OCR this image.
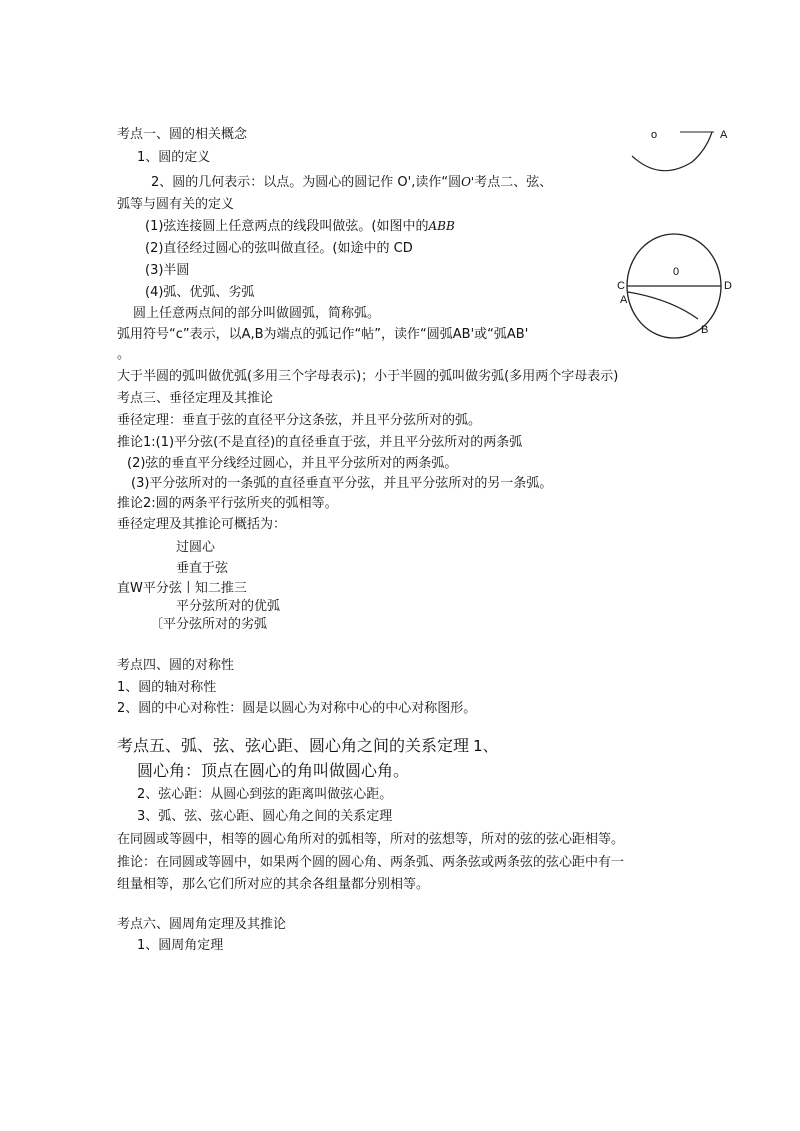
考点一、圆的相关概念
1、圆的定义
2、圆的几何表示：以点。为圆心的圆记作 O',读作“圆O'考点二、弦、
弧等与圆有关的定义
(1)弦连接圆上任意两点的线段叫做弦。(如图中的ABB
(2)直径经过圆心的弦叫做直径。(如途中的 CD
(3)半圆
(4)弧、优弧、劣弧
圆上任意两点间的部分叫做圆弧，简称弧。
弧用符号“c”表示，以A,B为端点的弧记作“帖”，读作“圆弧AB'或“弧AB'
。
大于半圆的弧叫做优弧(多用三个字母表示)；小于半圆的弧叫做劣弧(多用两个字母表示)
考点三、垂径定理及其推论
垂径定理：垂直于弦的直径平分这条弦，并且平分弦所对的弧。
推论1:(1)平分弦(不是直径)的直径垂直于弦，并且平分弦所对的两条弧
(2)弦的垂直平分线经过圆心，并且平分弦所对的两条弧。
(3)平分弦所对的一条弧的直径垂直平分弦，并且平分弦所对的另一条弧。
推论2:圆的两条平行弦所夹的弧相等。
垂径定理及其推论可概括为：
过圆心
垂直于弦
直W平分弦丨知二推三
平分弦所对的优弧
〔平分弦所对的劣弧
考点四、圆的对称性
1、圆的轴对称性
2、圆的中心对称性：圆是以圆心为对称中心的中心对称图形。
考点五、弧、弦、弦心距、圆心角之间的关系定理 1、
圆心角：顶点在圆心的角叫做圆心角。
2、弦心距：从圆心到弦的距离叫做弦心距。
3、弧、弦、弦心距、圆心角之间的关系定理
在同圆或等圆中，相等的圆心角所对的弧相等，所对的弦想等，所对的弦的弦心距相等。
推论：在同圆或等圆中，如果两个圆的圆心角、两条弧、两条弦或两条弦的弦心距中有一
组量相等，那么它们所对应的其余各组量都分别相等。
考点六、圆周角定理及其推论
1、圆周角定理
o	A
0
C	D
A
B
